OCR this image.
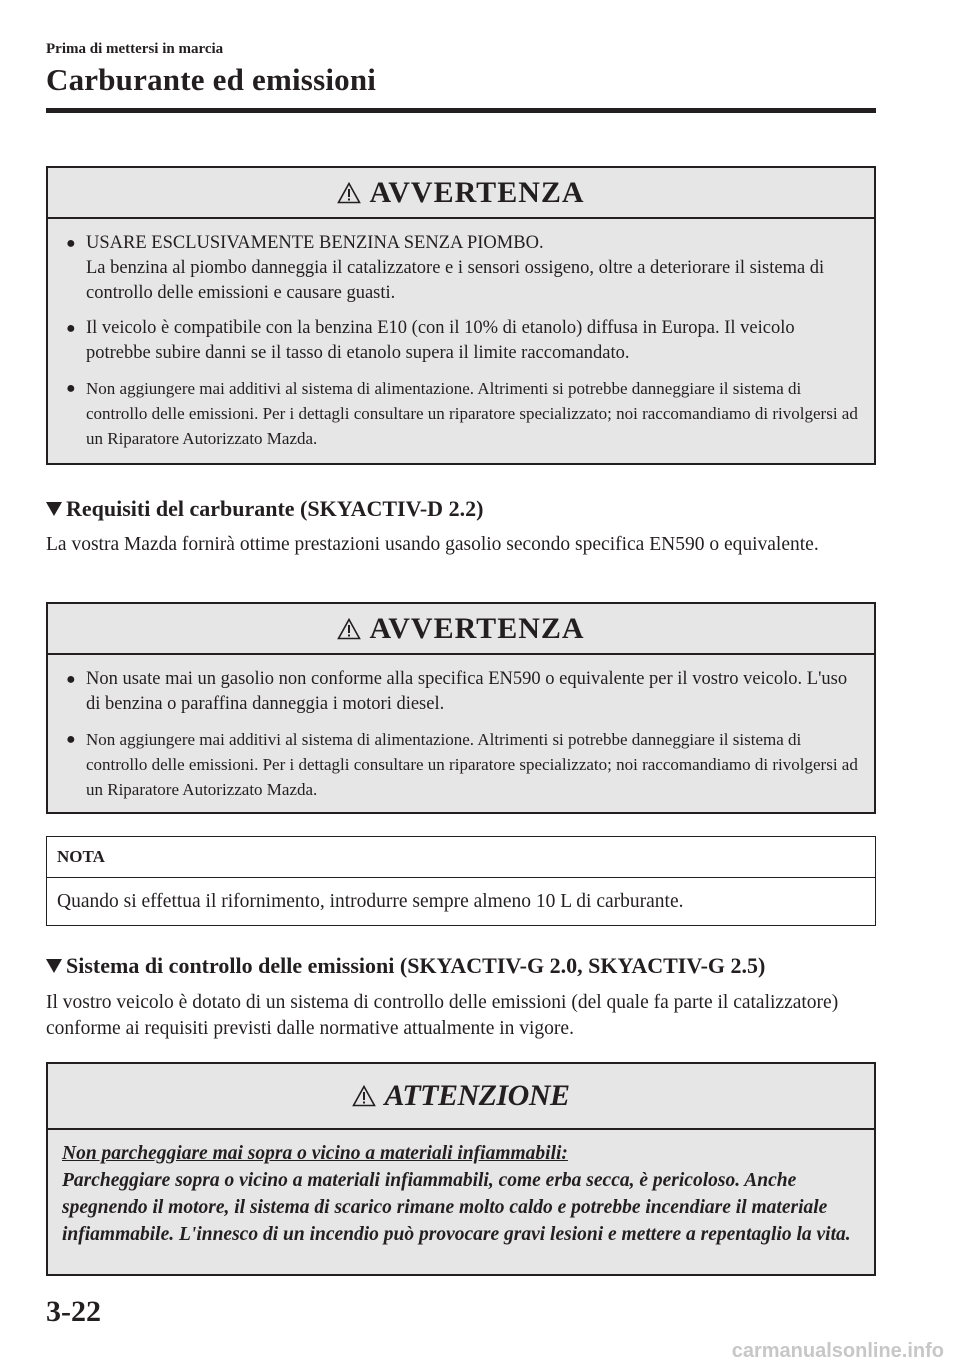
Prima di mettersi in marcia
Carburante ed emissioni
AVVERTENZA
● USARE ESCLUSIVAMENTE BENZINA SENZA PIOMBO.
La benzina al piombo danneggia il catalizzatore e i sensori ossigeno, oltre a deteriorare il sistema di controllo delle emissioni e causare guasti.
● Il veicolo è compatibile con la benzina E10 (con il 10% di etanolo) diffusa in Europa. Il veicolo potrebbe subire danni se il tasso di etanolo supera il limite raccomandato.
● Non aggiungere mai additivi al sistema di alimentazione. Altrimenti si potrebbe danneggiare il sistema di controllo delle emissioni. Per i dettagli consultare un riparatore specializzato; noi raccomandiamo di rivolgersi ad un Riparatore Autorizzato Mazda.
Requisiti del carburante (SKYACTIV-D 2.2)
La vostra Mazda fornirà ottime prestazioni usando gasolio secondo specifica EN590 o equivalente.
AVVERTENZA
● Non usate mai un gasolio non conforme alla specifica EN590 o equivalente per il vostro veicolo. L'uso di benzina o paraffina danneggia i motori diesel.
● Non aggiungere mai additivi al sistema di alimentazione. Altrimenti si potrebbe danneggiare il sistema di controllo delle emissioni. Per i dettagli consultare un riparatore specializzato; noi raccomandiamo di rivolgersi ad un Riparatore Autorizzato Mazda.
NOTA
Quando si effettua il rifornimento, introdurre sempre almeno 10 L di carburante.
Sistema di controllo delle emissioni (SKYACTIV-G 2.0, SKYACTIV-G 2.5)
Il vostro veicolo è dotato di un sistema di controllo delle emissioni (del quale fa parte il catalizzatore) conforme ai requisiti previsti dalle normative attualmente in vigore.
ATTENZIONE
Non parcheggiare mai sopra o vicino a materiali infiammabili:
Parcheggiare sopra o vicino a materiali infiammabili, come erba secca, è pericoloso. Anche spegnendo il motore, il sistema di scarico rimane molto caldo e potrebbe incendiare il materiale infiammabile. L'innesco di un incendio può provocare gravi lesioni e mettere a repentaglio la vita.
3-22
carmanualsonline.info
